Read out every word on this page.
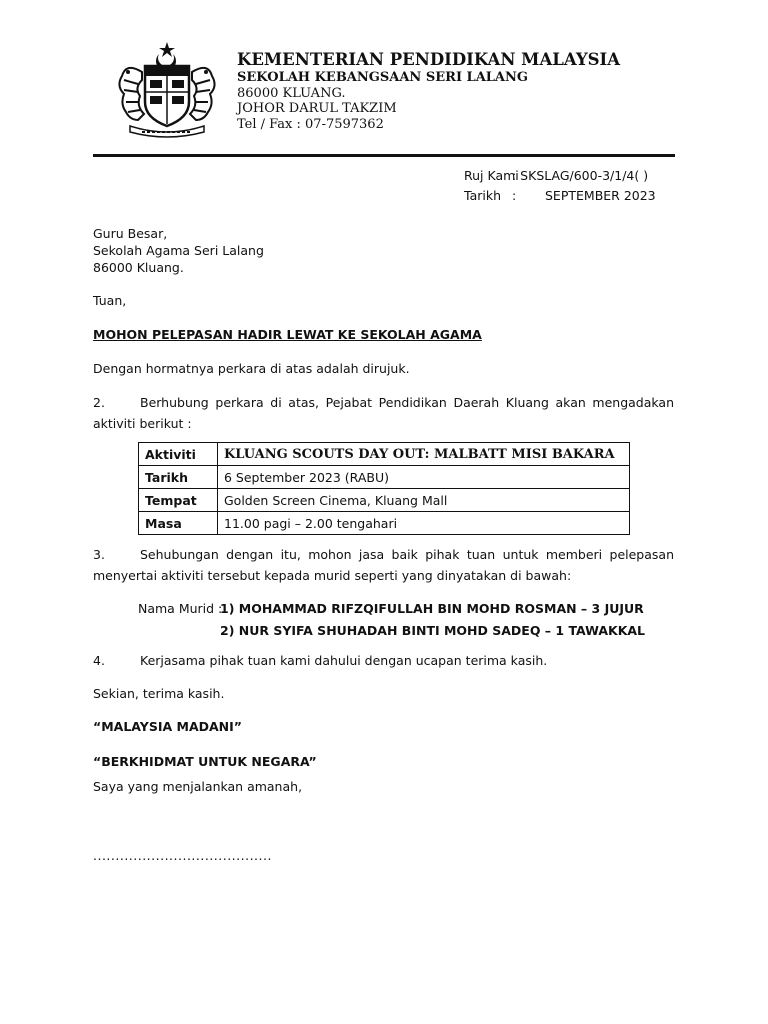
KEMENTERIAN PENDIDIKAN MALAYSIA
SEKOLAH KEBANGSAAN SERI LALANG
86000 KLUANG.
JOHOR DARUL TAKZIM
Tel / Fax : 07-7597362
Ruj Kami: SKSLAG/600-3/1/4( )
Tarikh : SEPTEMBER 2023
Guru Besar,
Sekolah Agama Seri Lalang
86000 Kluang.
Tuan,
MOHON PELEPASAN HADIR LEWAT KE SEKOLAH AGAMA
Dengan hormatnya perkara di atas adalah dirujuk.
2.	Berhubung perkara di atas, Pejabat Pendidikan Daerah Kluang akan mengadakan aktiviti berikut :
Aktiviti	KLUANG SCOUTS DAY OUT: MALBATT MISI BAKARA
Tarikh	6 September 2023 (RABU)
Tempat	Golden Screen Cinema, Kluang Mall
Masa	11.00 pagi – 2.00 tengahari
3.	Sehubungan dengan itu, mohon jasa baik pihak tuan untuk memberi pelepasan menyertai aktiviti tersebut kepada murid seperti yang dinyatakan di bawah:
Nama Murid :1) MOHAMMAD RIFZQIFULLAH BIN MOHD ROSMAN – 3 JUJUR
2) NUR SYIFA SHUHADAH BINTI MOHD SADEQ – 1 TAWAKKAL
4.	Kerjasama pihak tuan kami dahului dengan ucapan terima kasih.
Sekian, terima kasih.
“MALAYSIA MADANI”
“BERKHIDMAT UNTUK NEGARA”
Saya yang menjalankan amanah,
........................................
